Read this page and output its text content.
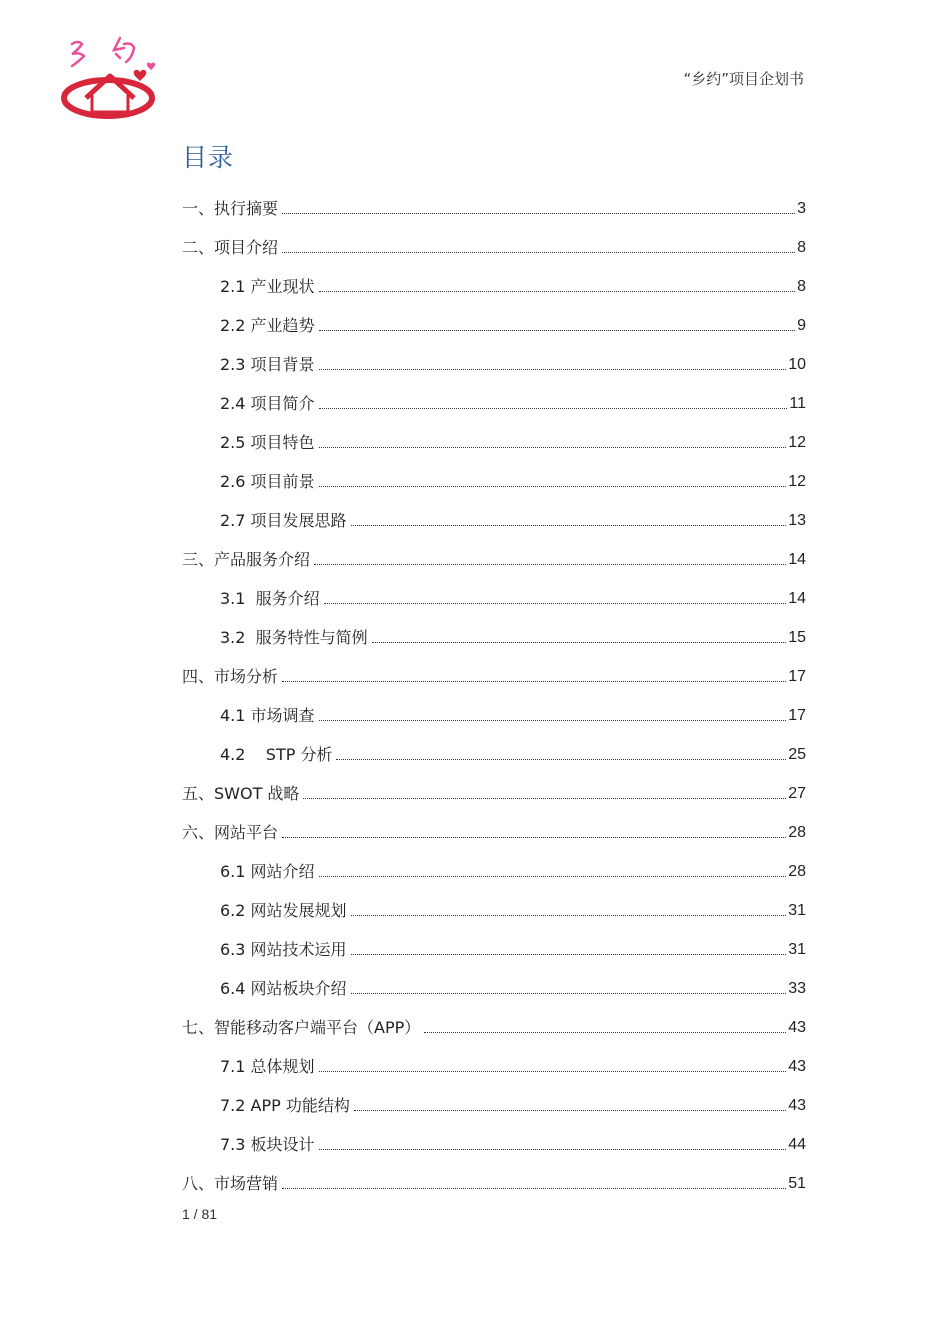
“乡约”项目企划书
目录
一、执行摘要	3
二、项目介绍	8
2.1 产业现状	8
2.2 产业趋势	9
2.3 项目背景	10
2.4 项目简介	11
2.5 项目特色	12
2.6 项目前景	12
2.7 项目发展思路	13
三、产品服务介绍	14
3.1  服务介绍	14
3.2  服务特性与简例	15
四、市场分析	17
4.1 市场调查	17
4.2    STP 分析	25
五、SWOT 战略	27
六、网站平台	28
6.1 网站介绍	28
6.2 网站发展规划	31
6.3 网站技术运用	31
6.4 网站板块介绍	33
七、智能移动客户端平台（APP）	43
7.1 总体规划	43
7.2 APP 功能结构	43
7.3 板块设计	44
八、市场营销	51
1 / 81
